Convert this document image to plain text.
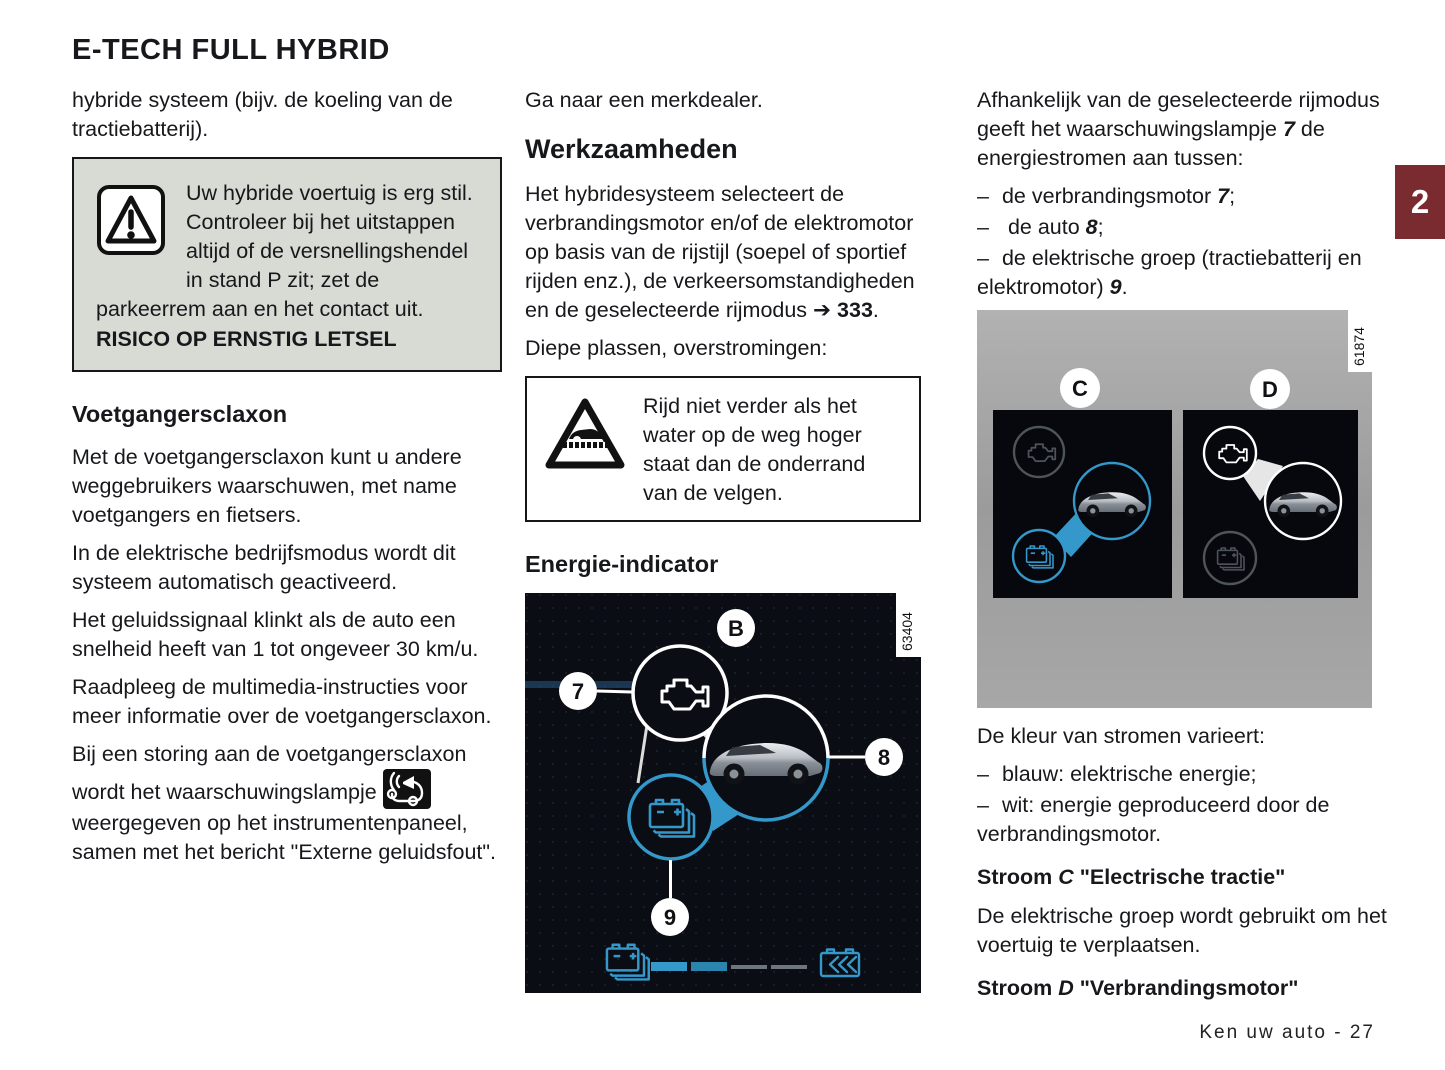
E-TECH FULL HYBRID
2

hybride systeem (bijv. de koeling van de tractiebatterij).

Uw hybride voertuig is erg stil. Controleer bij het uitstappen altijd of de versnellingshendel in stand P zit; zet de parkeerrem aan en het contact uit.
RISICO OP ERNSTIG LETSEL
Voetgangersclaxon

Met de voetgangersclaxon kunt u andere weggebruikers waarschuwen, met name voetgangers en fietsers.

In de elektrische bedrijfsmodus wordt dit systeem automatisch geactiveerd.

Het geluidssignaal klinkt als de auto een snelheid heeft van 1 tot ongeveer 30 km/u.

Raadpleeg de multimedia-instructies voor meer informatie over de voetgangersclaxon.

Bij een storing aan de voetgangersclaxon wordt het waarschuwingslampje  weergegeven op het instrumentenpaneel, samen met het bericht "Externe geluidsfout".

Ga naar een merkdealer.

Werkzaamheden

Het hybridesysteem selecteert de verbrandingsmotor en/of de elektromotor op basis van de rijstijl (soepel of sportief rijden enz.), de verkeersomstandigheden en de geselecteerde rijmodus ➔ 333.

Diepe plassen, overstromingen:

Rijd niet verder als het water op de weg hoger staat dan de onderrand van de velgen.
Energie-indicator
B
7
8
9
63404

Afhankelijk van de geselecteerde rijmodus geeft het waarschuwingslampje 7 de energiestromen aan tussen:

– de verbrandingsmotor 7;

– de auto 8;

– de elektrische groep (tractiebatterij en elektromotor) 9.

C	D
61874

De kleur van stromen varieert:

– blauw: elektrische energie;

– wit: energie geproduceerd door de verbrandingsmotor.

Stroom C "Electrische tractie"

De elektrische groep wordt gebruikt om het voertuig te verplaatsen.

Stroom D "Verbrandingsmotor"

Ken uw auto - 27
